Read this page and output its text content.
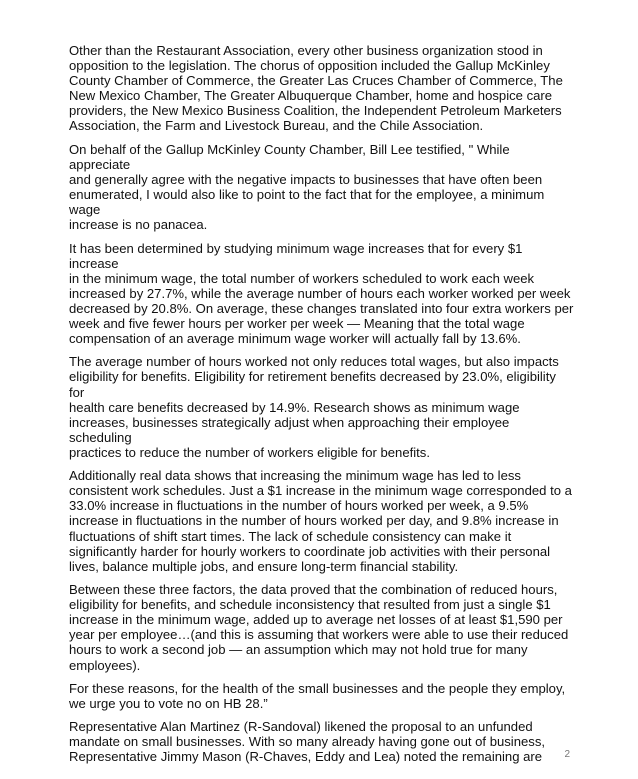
Other than the Restaurant Association, every other business organization stood in
opposition to the legislation. The chorus of opposition included the Gallup McKinley
County Chamber of Commerce, the Greater Las Cruces Chamber of Commerce, The
New Mexico Chamber, The Greater Albuquerque Chamber, home and hospice care
providers, the New Mexico Business Coalition, the Independent Petroleum Marketers
Association, the Farm and Livestock Bureau, and the Chile Association.

On behalf of the Gallup McKinley County Chamber, Bill Lee testified, " While appreciate
and generally agree with the negative impacts to businesses that have often been
enumerated, I would also like to point to the fact that for the employee, a minimum wage
increase is no panacea.

It has been determined by studying minimum wage increases that for every $1 increase
in the minimum wage, the total number of workers scheduled to work each week
increased by 27.7%, while the average number of hours each worker worked per week
decreased by 20.8%. On average, these changes translated into four extra workers per
week and five fewer hours per worker per week — Meaning that the total wage
compensation of an average minimum wage worker will actually fall by 13.6%.

The average number of hours worked not only reduces total wages, but also impacts
eligibility for benefits. Eligibility for retirement benefits decreased by 23.0%, eligibility for
health care benefits decreased by 14.9%. Research shows as minimum wage
increases, businesses strategically adjust when approaching their employee scheduling
practices to reduce the number of workers eligible for benefits.

Additionally real data shows that increasing the minimum wage has led to less
consistent work schedules. Just a $1 increase in the minimum wage corresponded to a
33.0% increase in fluctuations in the number of hours worked per week, a 9.5%
increase in fluctuations in the number of hours worked per day, and 9.8% increase in
fluctuations of shift start times. The lack of schedule consistency can make it
significantly harder for hourly workers to coordinate job activities with their personal
lives, balance multiple jobs, and ensure long-term financial stability.

Between these three factors, the data proved that the combination of reduced hours,
eligibility for benefits, and schedule inconsistency that resulted from just a single $1
increase in the minimum wage, added up to average net losses of at least $1,590 per
year per employee…(and this is assuming that workers were able to use their reduced
hours to work a second job — an assumption which may not hold true for many
employees).

For these reasons, for the health of the small businesses and the people they employ,
we urge you to vote no on HB 28.”

Representative Alan Martinez (R-Sandoval) likened the proposal to an unfunded
mandate on small businesses. With so many already having gone out of business,
Representative Jimmy Mason (R-Chaves, Eddy and Lea) noted the remaining are	2
